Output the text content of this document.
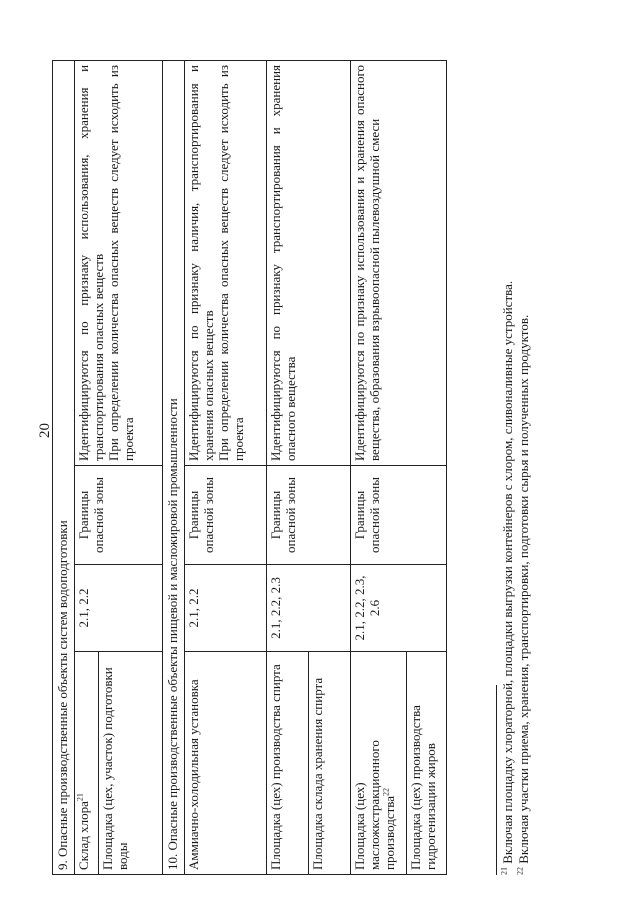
20
9. Опасные производственные объекты систем водоподготовки			
Склад хлора$^{21}$	2.1, 2.2	Границы опасной зоны	Идентифицируются по признаку использования, хранения и транспортирования опасных веществ При определении количества опасных веществ следует исходить из проекта

Площадка (цех, участок) подготовки воды			
10. Опасные производственные объекты пищевой и масложировой промышленности			
Аммиачно-холодильная установка	2.1, 2.2	Границы опасной зоны	Идентифицируются по признаку наличия, транспортирования и хранения опасных веществ При определении количества опасных веществ следует исходить из проекта

Площадка (цех) производства спирта	2.1, 2.2, 2.3	Границы опасной зоны	Идентифицируются по признаку транспортирования и хранения опасного вещества

Площадка склада хранения спирта			
Площадка (цех) масложкстракционного производства$^{22}$	2.1, 2.2, 2.3, 2.6	Границы опасной зоны	Идентифицируются по признаку использования и хранения опасного вещества, образования взрывоопасной пылевоздушной смеси

Площадка (цех) производства гидрогенизации жиров			
$^{21}$ Включая площадку хлораторной, площадки выгрузки контейнеров с хлором, сливоналивные устройства.
$^{22}$ Включая участки приема, хранения, транспортировки, подготовки сырья и полученных продуктов.
